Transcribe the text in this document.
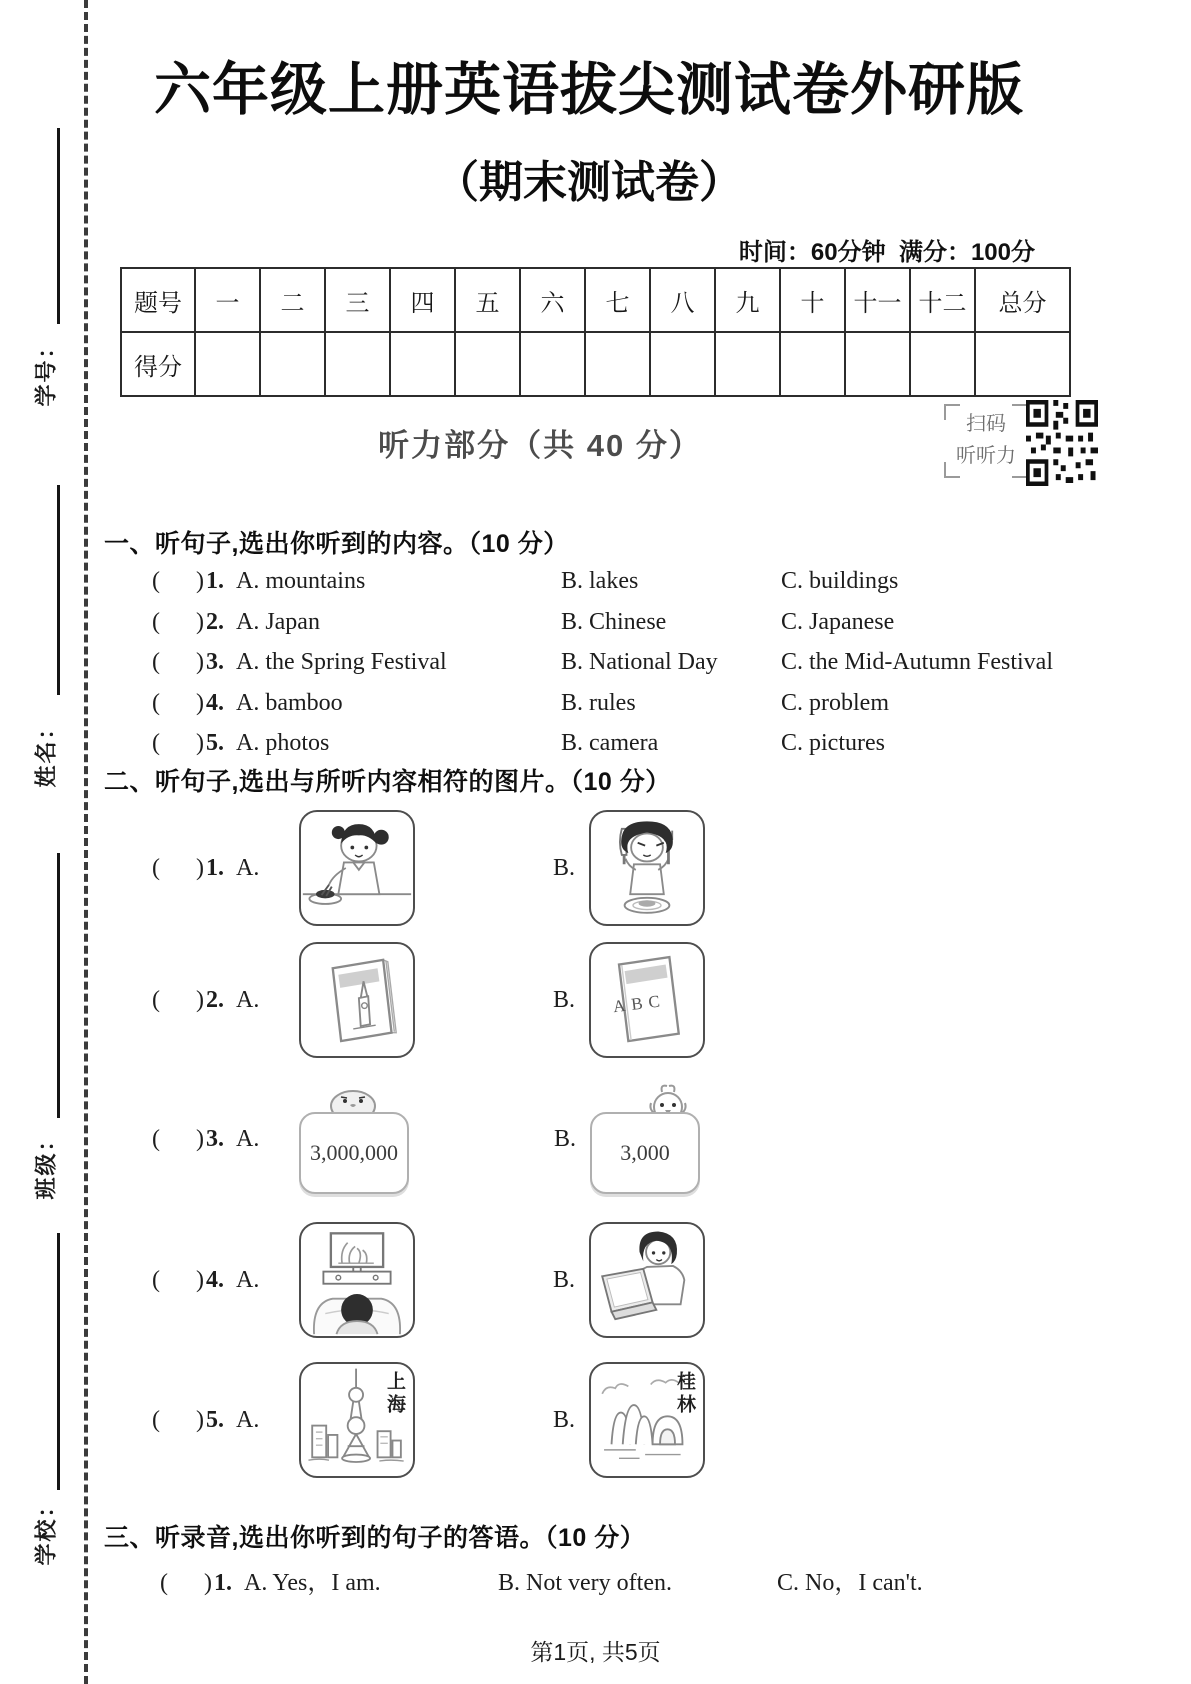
学号：
姓名：
班级：
学校：
六年级上册英语拔尖测试卷外研版
（期末测试卷）
时间：60分钟  满分：100分
题号	一	二	三	四	五	六	七	八	九	十	十一	十二	总分
得分													
听力部分（共 40 分）
扫码
听听力
一、听句子,选出你听到的内容。（10 分）
(      ) 1. A. mountains	B. lakes	C. buildings
(      ) 2. A. Japan	B. Chinese	C. Japanese
(      ) 3. A. the Spring Festival	B. National Day	C. the Mid-Autumn Festival
(      ) 4. A. bamboo	B. rules	C. problem
(      ) 5. A. photos	B. camera	C. pictures
二、听句子,选出与所听内容相符的图片。（10 分）
(      ) 1. A.	B.
(      ) 2. A.	B.	ABC
(      ) 3. A.
3,000,000
B.
3,000
(      ) 4. A.	B.
(      ) 5. A.
上海
B.
桂林
三、听录音,选出你听到的句子的答语。（10 分）
(      ) 1. A. Yes，I am.	B. Not very often.	C. No，I can't.
第1页, 共5页
